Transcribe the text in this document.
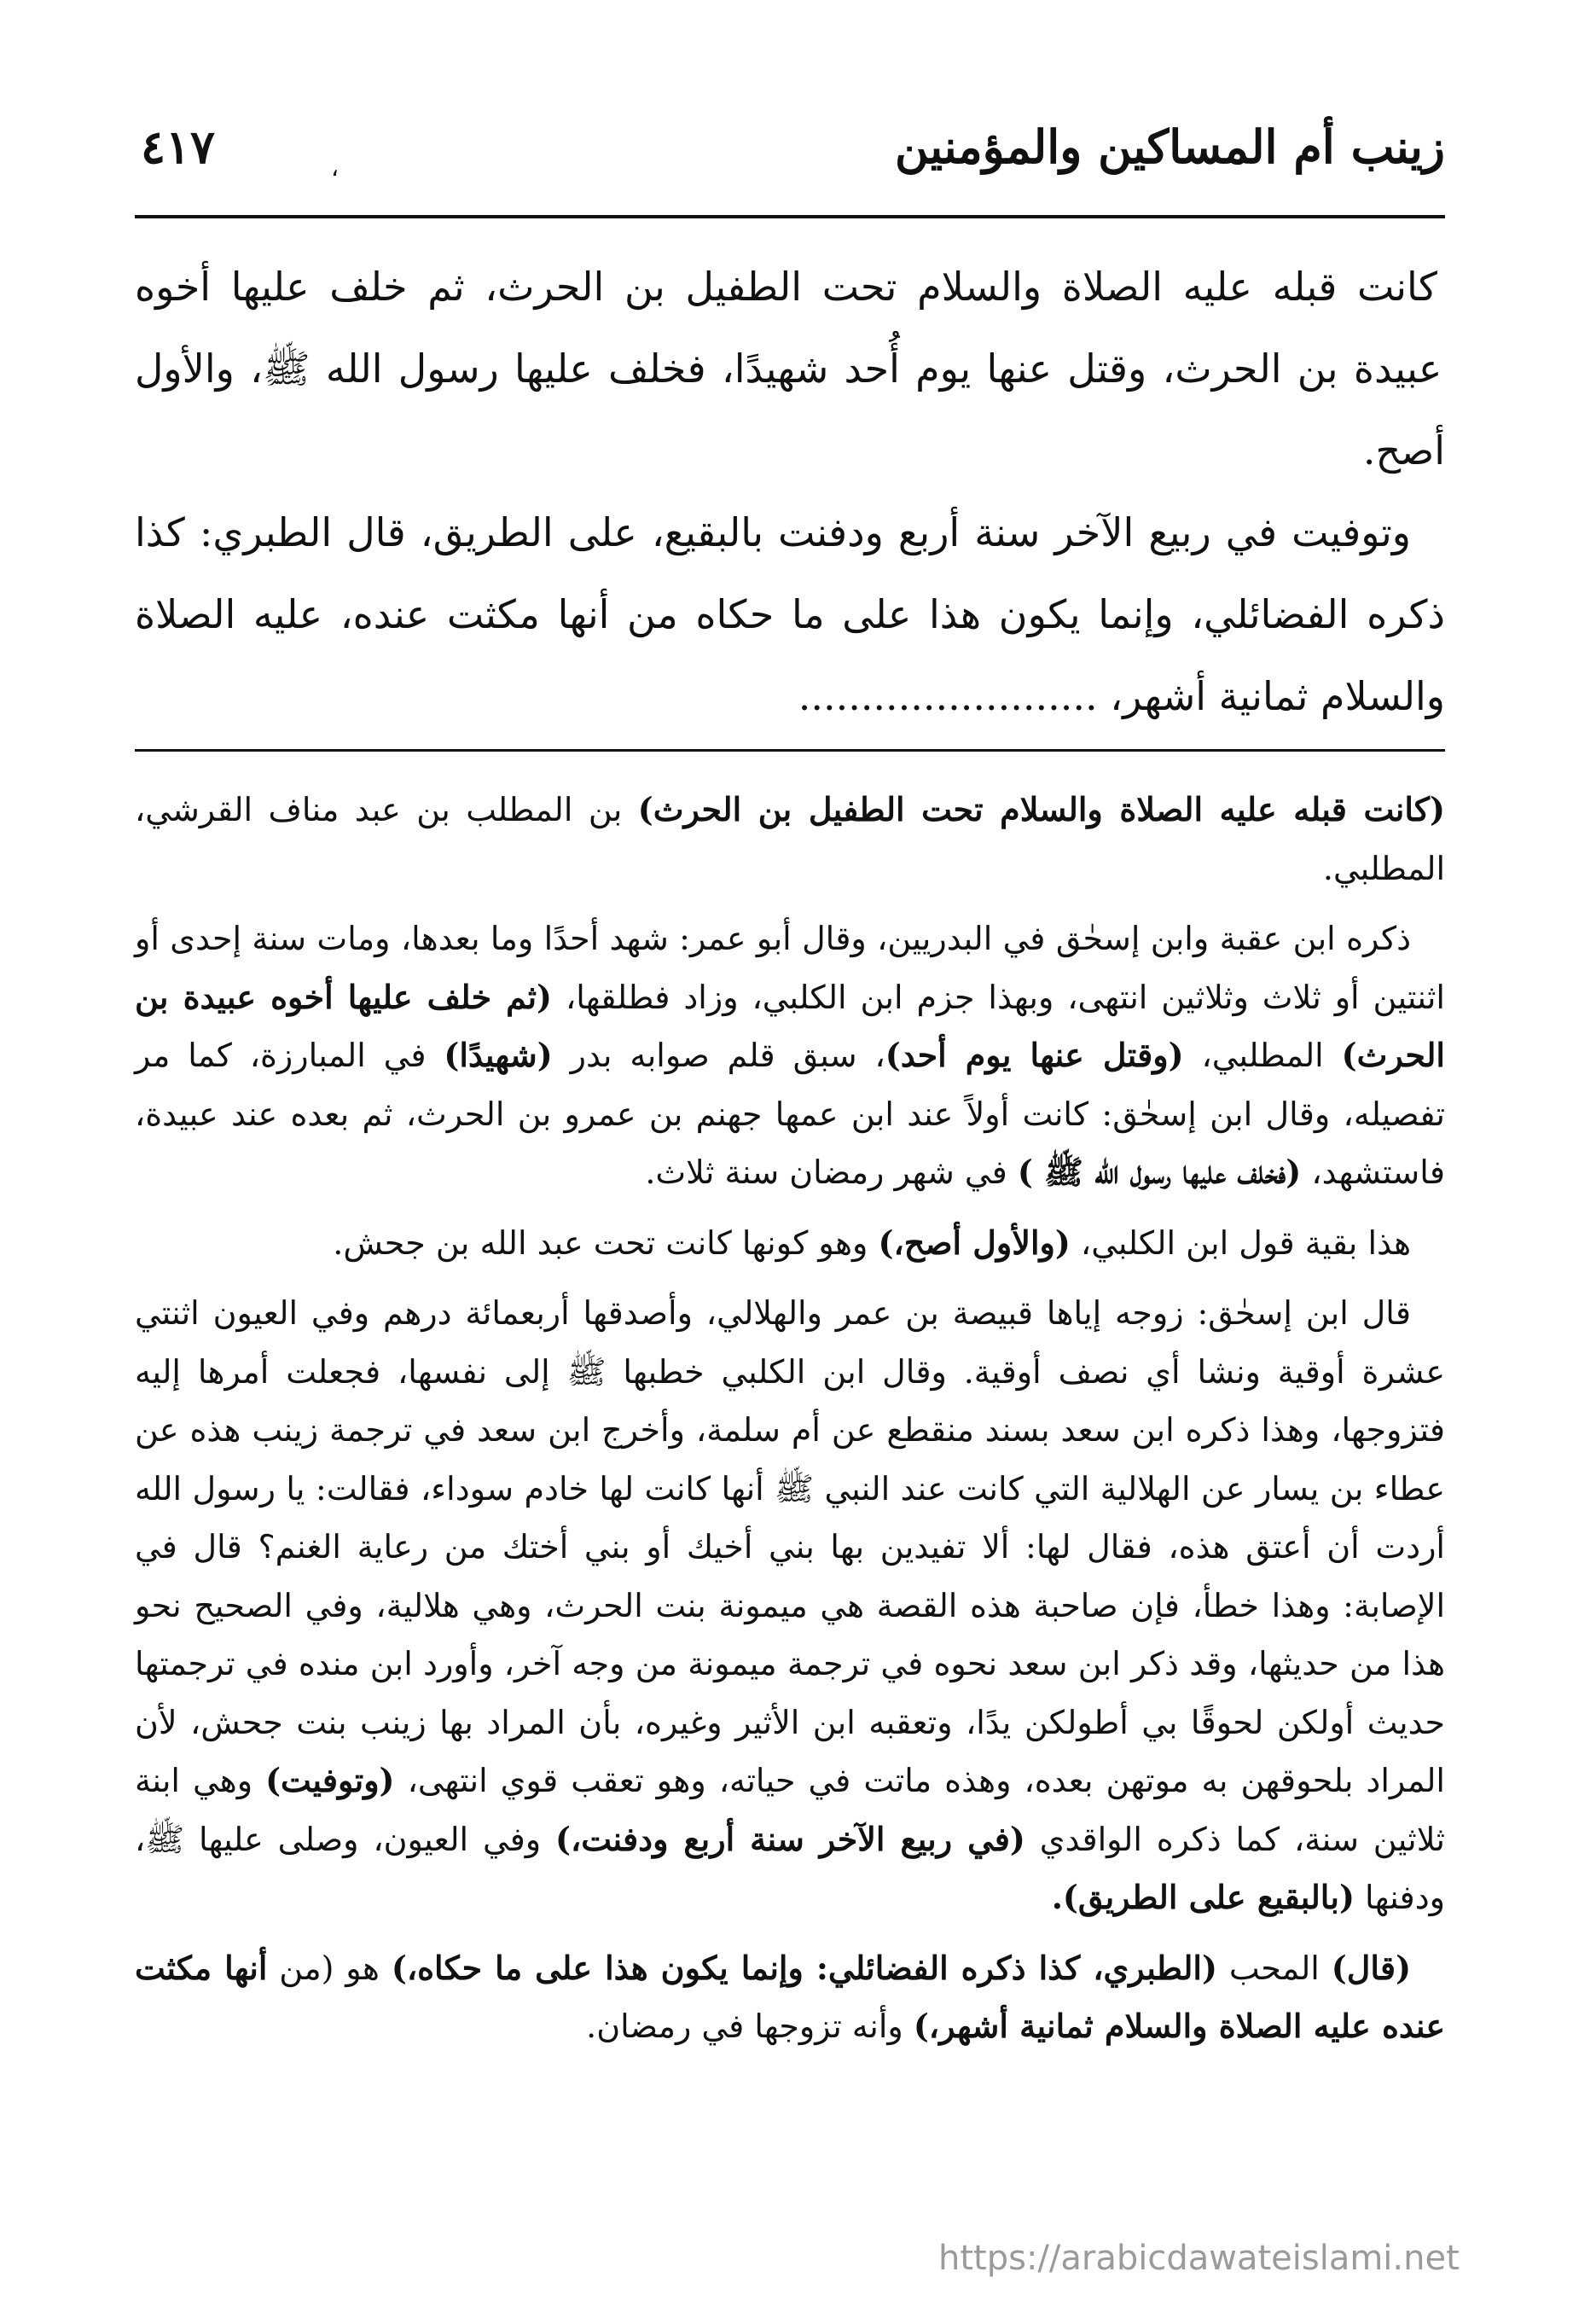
زينب أم المساكين والمؤمنين
،
٤١٧

كانت قبله عليه الصلاة والسلام تحت الطفيل بن الحرث، ثم خلف عليها أخوه عبيدة بن الحرث، وقتل عنها يوم أُحد شهيدًا، فخلف عليها رسول الله ﷺ، والأول أصح.

وتوفيت في ربيع الآخر سنة أربع ودفنت بالبقيع، على الطريق، قال الطبري: كذا ذكره الفضائلي، وإنما يكون هذا على ما حكاه من أنها مكثت عنده، عليه الصلاة والسلام ثمانية أشهر، ........................

(كانت قبله عليه الصلاة والسلام تحت الطفيل بن الحرث) بن المطلب بن عبد مناف القرشي، المطلبي.

ذكره ابن عقبة وابن إسحٰق في البدريين، وقال أبو عمر: شهد أحدًا وما بعدها، ومات سنة إحدى أو اثنتين أو ثلاث وثلاثين انتهى، وبهذا جزم ابن الكلبي، وزاد فطلقها، (ثم خلف عليها أخوه عبيدة بن الحرث) المطلبي، (وقتل عنها يوم أحد)، سبق قلم صوابه بدر (شهيدًا) في المبارزة، كما مر تفصيله، وقال ابن إسحٰق: كانت أولاً عند ابن عمها جهنم بن عمرو بن الحرث، ثم بعده عند عبيدة، فاستشهد، (فخلف عليها رسول الله ﷺ ) في شهر رمضان سنة ثلاث.

هذا بقية قول ابن الكلبي، (والأول أصح،) وهو كونها كانت تحت عبد الله بن جحش.

قال ابن إسحٰق: زوجه إياها قبيصة بن عمر والهلالي، وأصدقها أربعمائة درهم وفي العيون اثنتي عشرة أوقية ونشا أي نصف أوقية. وقال ابن الكلبي خطبها ﷺ إلى نفسها، فجعلت أمرها إليه فتزوجها، وهذا ذكره ابن سعد بسند منقطع عن أم سلمة، وأخرج ابن سعد في ترجمة زينب هذه عن عطاء بن يسار عن الهلالية التي كانت عند النبي ﷺ أنها كانت لها خادم سوداء، فقالت: يا رسول الله أردت أن أعتق هذه، فقال لها: ألا تفيدين بها بني أخيك أو بني أختك من رعاية الغنم؟ قال في الإصابة: وهذا خطأ، فإن صاحبة هذه القصة هي ميمونة بنت الحرث، وهي هلالية، وفي الصحيح نحو هذا من حديثها، وقد ذكر ابن سعد نحوه في ترجمة ميمونة من وجه آخر، وأورد ابن منده في ترجمتها حديث أولكن لحوقًا بي أطولكن يدًا، وتعقبه ابن الأثير وغيره، بأن المراد بها زينب بنت جحش، لأن المراد بلحوقهن به موتهن بعده، وهذه ماتت في حياته، وهو تعقب قوي انتهى، (وتوفيت) وهي ابنة ثلاثين سنة، كما ذكره الواقدي (في ربيع الآخر سنة أربع ودفنت،) وفي العيون، وصلى عليها ﷺ، ودفنها (بالبقيع على الطريق).

(قال) المحب (الطبري، كذا ذكره الفضائلي: وإنما يكون هذا على ما حكاه،) هو (من أنها مكثت عنده عليه الصلاة والسلام ثمانية أشهر،) وأنه تزوجها في رمضان.

https://arabicdawateislami.net
